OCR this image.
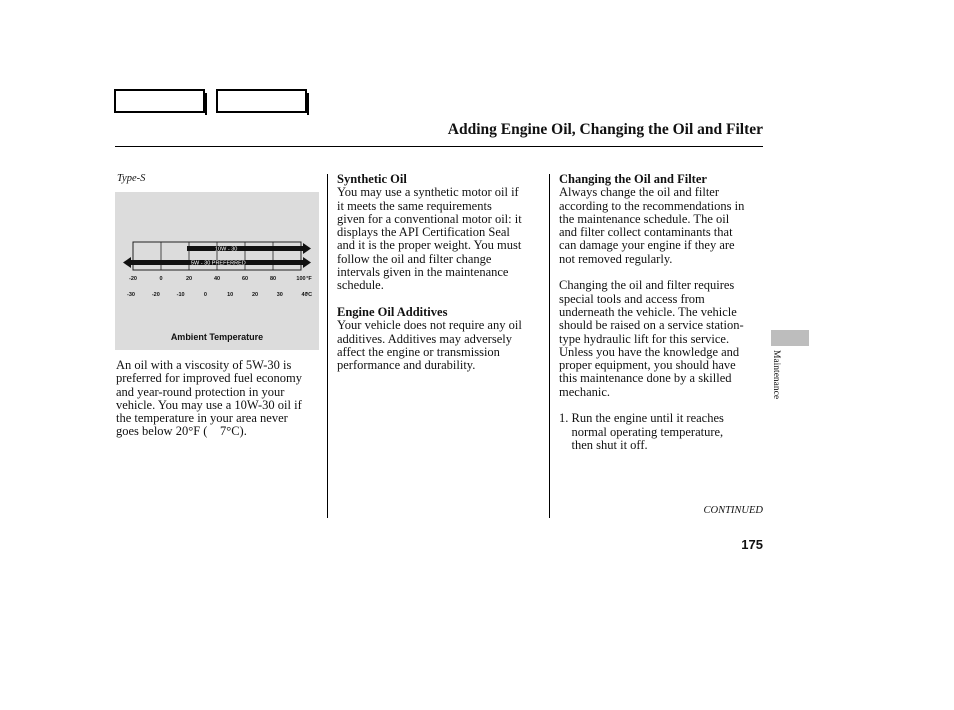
Adding Engine Oil, Changing the Oil and Filter
Type-S
10W - 30
5W - 30 PREFERRED
-20	0	20	40	60	80	100 °F
-30	-20	-10	0	10	20	30	40
°C
Ambient Temperature
An oil with a viscosity of 5W-30 is
preferred for improved fuel economy
and year-round protection in your
vehicle. You may use a 10W-30 oil if
the temperature in your area never
goes below 20°F (    7°C).
Synthetic Oil
You may use a synthetic motor oil if
it meets the same requirements
given for a conventional motor oil: it
displays the API Certification Seal
and it is the proper weight. You must
follow the oil and filter change
intervals given in the maintenance
schedule.

Engine Oil Additives
Your vehicle does not require any oil
additives. Additives may adversely
affect the engine or transmission
performance and durability.
Changing the Oil and Filter
Always change the oil and filter
according to the recommendations in
the maintenance schedule. The oil
and filter collect contaminants that
can damage your engine if they are
not removed regularly.

Changing the oil and filter requires
special tools and access from
underneath the vehicle. The vehicle
should be raised on a service station-
type hydraulic lift for this service.
Unless you have the knowledge and
proper equipment, you should have
this maintenance done by a skilled
mechanic.

1. Run the engine until it reaches
normal operating temperature,
then shut it off.
CONTINUED
Maintenance
175
